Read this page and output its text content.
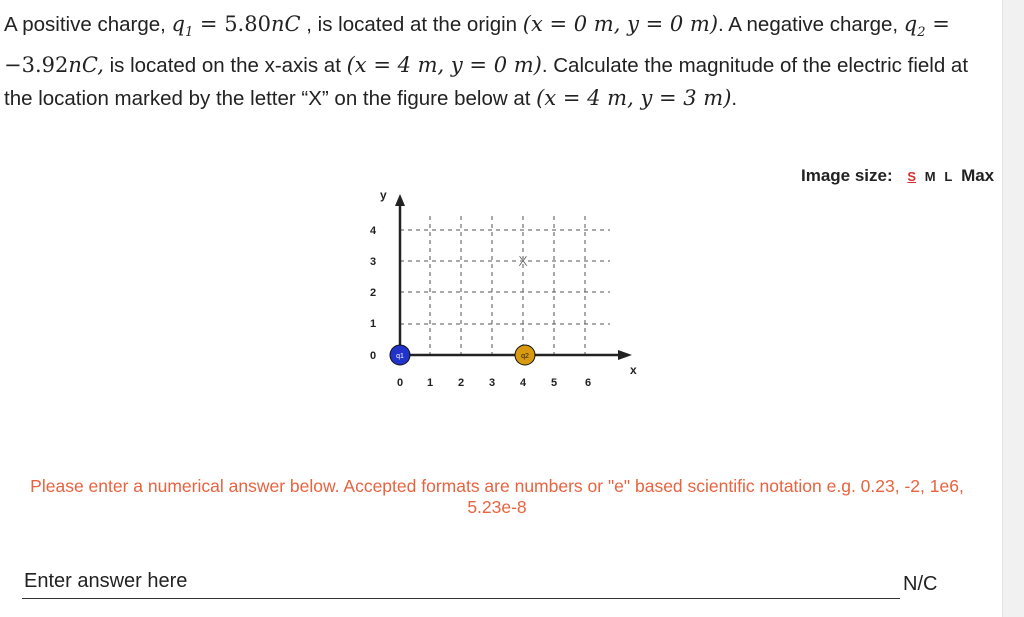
A positive charge, $q_1 = 5.80nC$ , is located at the origin (x = 0 m, y = 0 m). A negative charge, $q_2 = -3.92nC$, is located on the x-axis at (x = 4 m, y = 0 m). Calculate the magnitude of the electric field at the location marked by the letter “X” on the figure below at (x = 4 m, y = 3 m).
Image size: S M L Max
y
x
0 1 2 3 4 5	6
0
1
2
3
4
X
q1	q2
Please enter a numerical answer below. Accepted formats are numbers or "e" based scientific notation e.g. 0.23, -2, 1e6, 5.23e-8
Enter answer here
N/C
